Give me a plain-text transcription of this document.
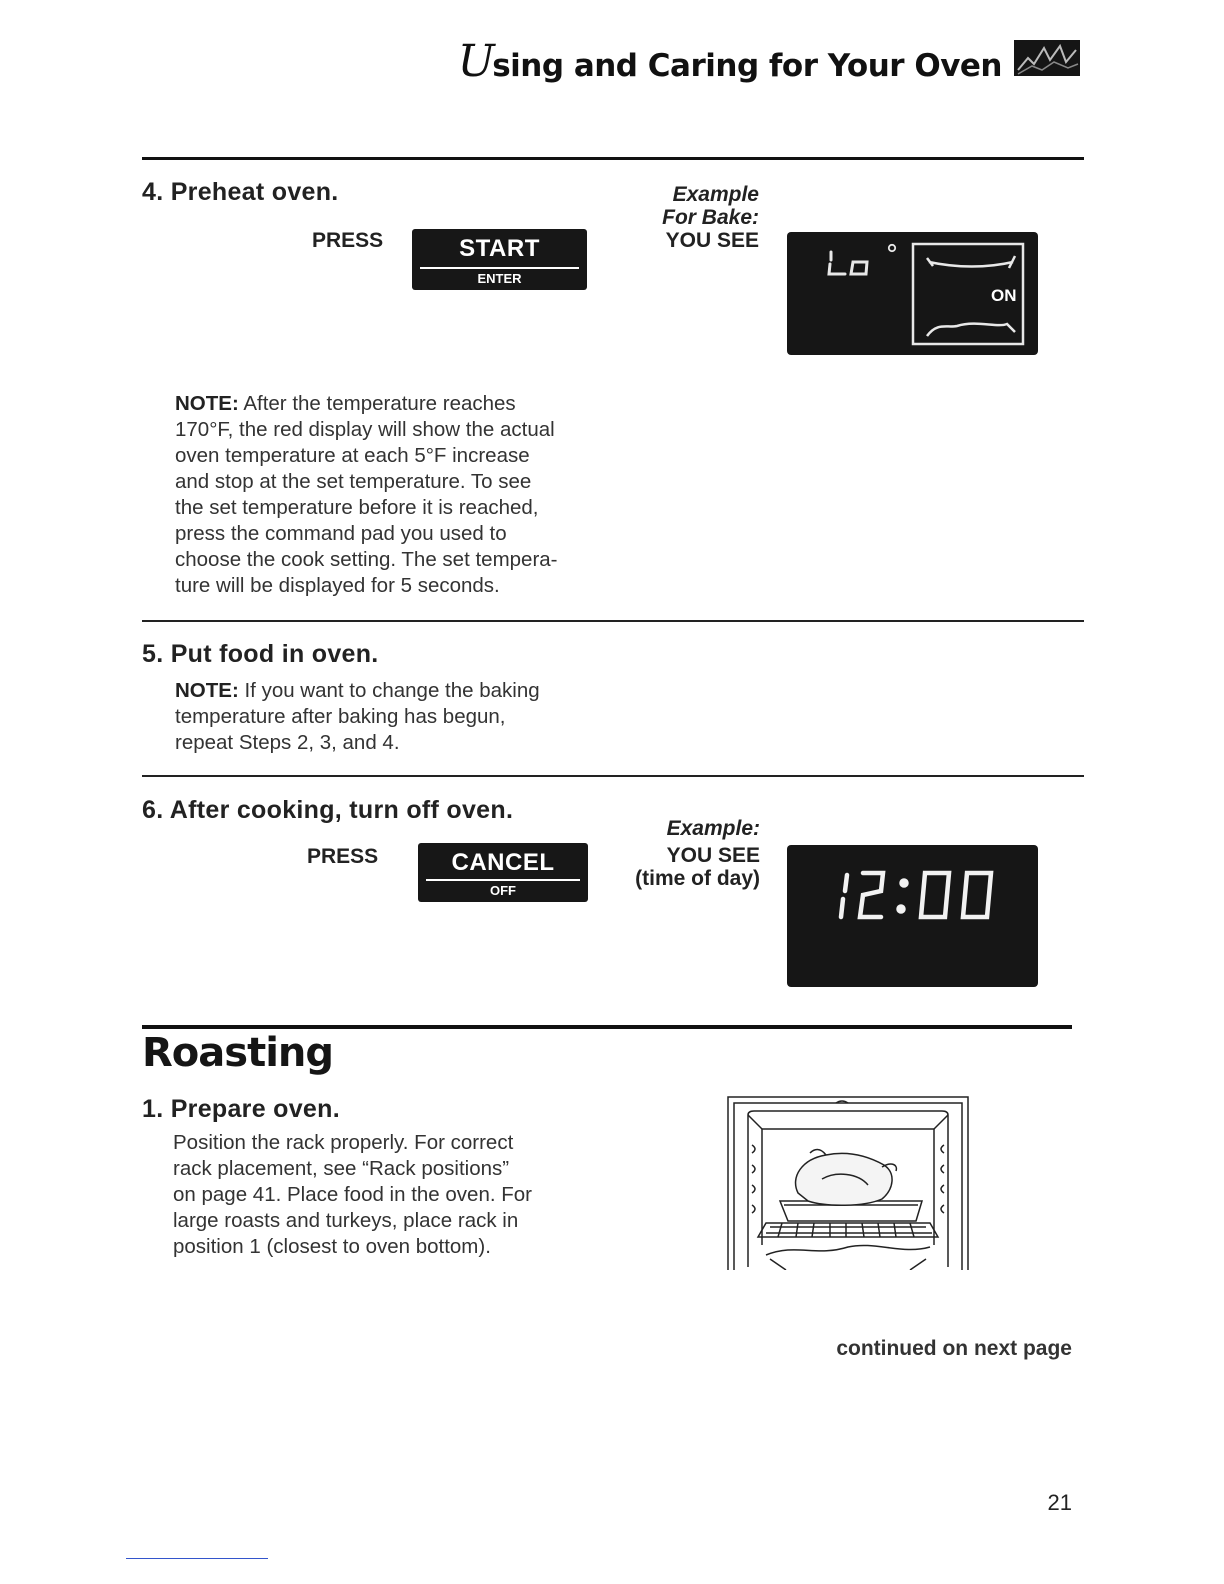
Using and Caring for Your Oven
4. Preheat oven.
PRESS	START
ENTER
Example
For Bake:
YOU SEE
ON
NOTE: After the temperature reaches
170°F, the red display will show the actual
oven temperature at each 5°F increase
and stop at the set temperature. To see
the set temperature before it is reached,
press the command pad you used to
choose the cook setting. The set tempera-
ture will be displayed for 5 seconds.
5. Put food in oven.
NOTE: If you want to change the baking
temperature after baking has begun,
repeat Steps 2, 3, and 4.
6. After cooking, turn off oven.
PRESS	CANCEL
OFF
Example:
YOU SEE
(time of day)
12:00
Roasting
1. Prepare oven.
Position the rack properly. For correct
rack placement, see “Rack positions”
on page 41. Place food in the oven. For
large roasts and turkeys, place rack in
position 1 (closest to oven bottom).
continued on next page
21
